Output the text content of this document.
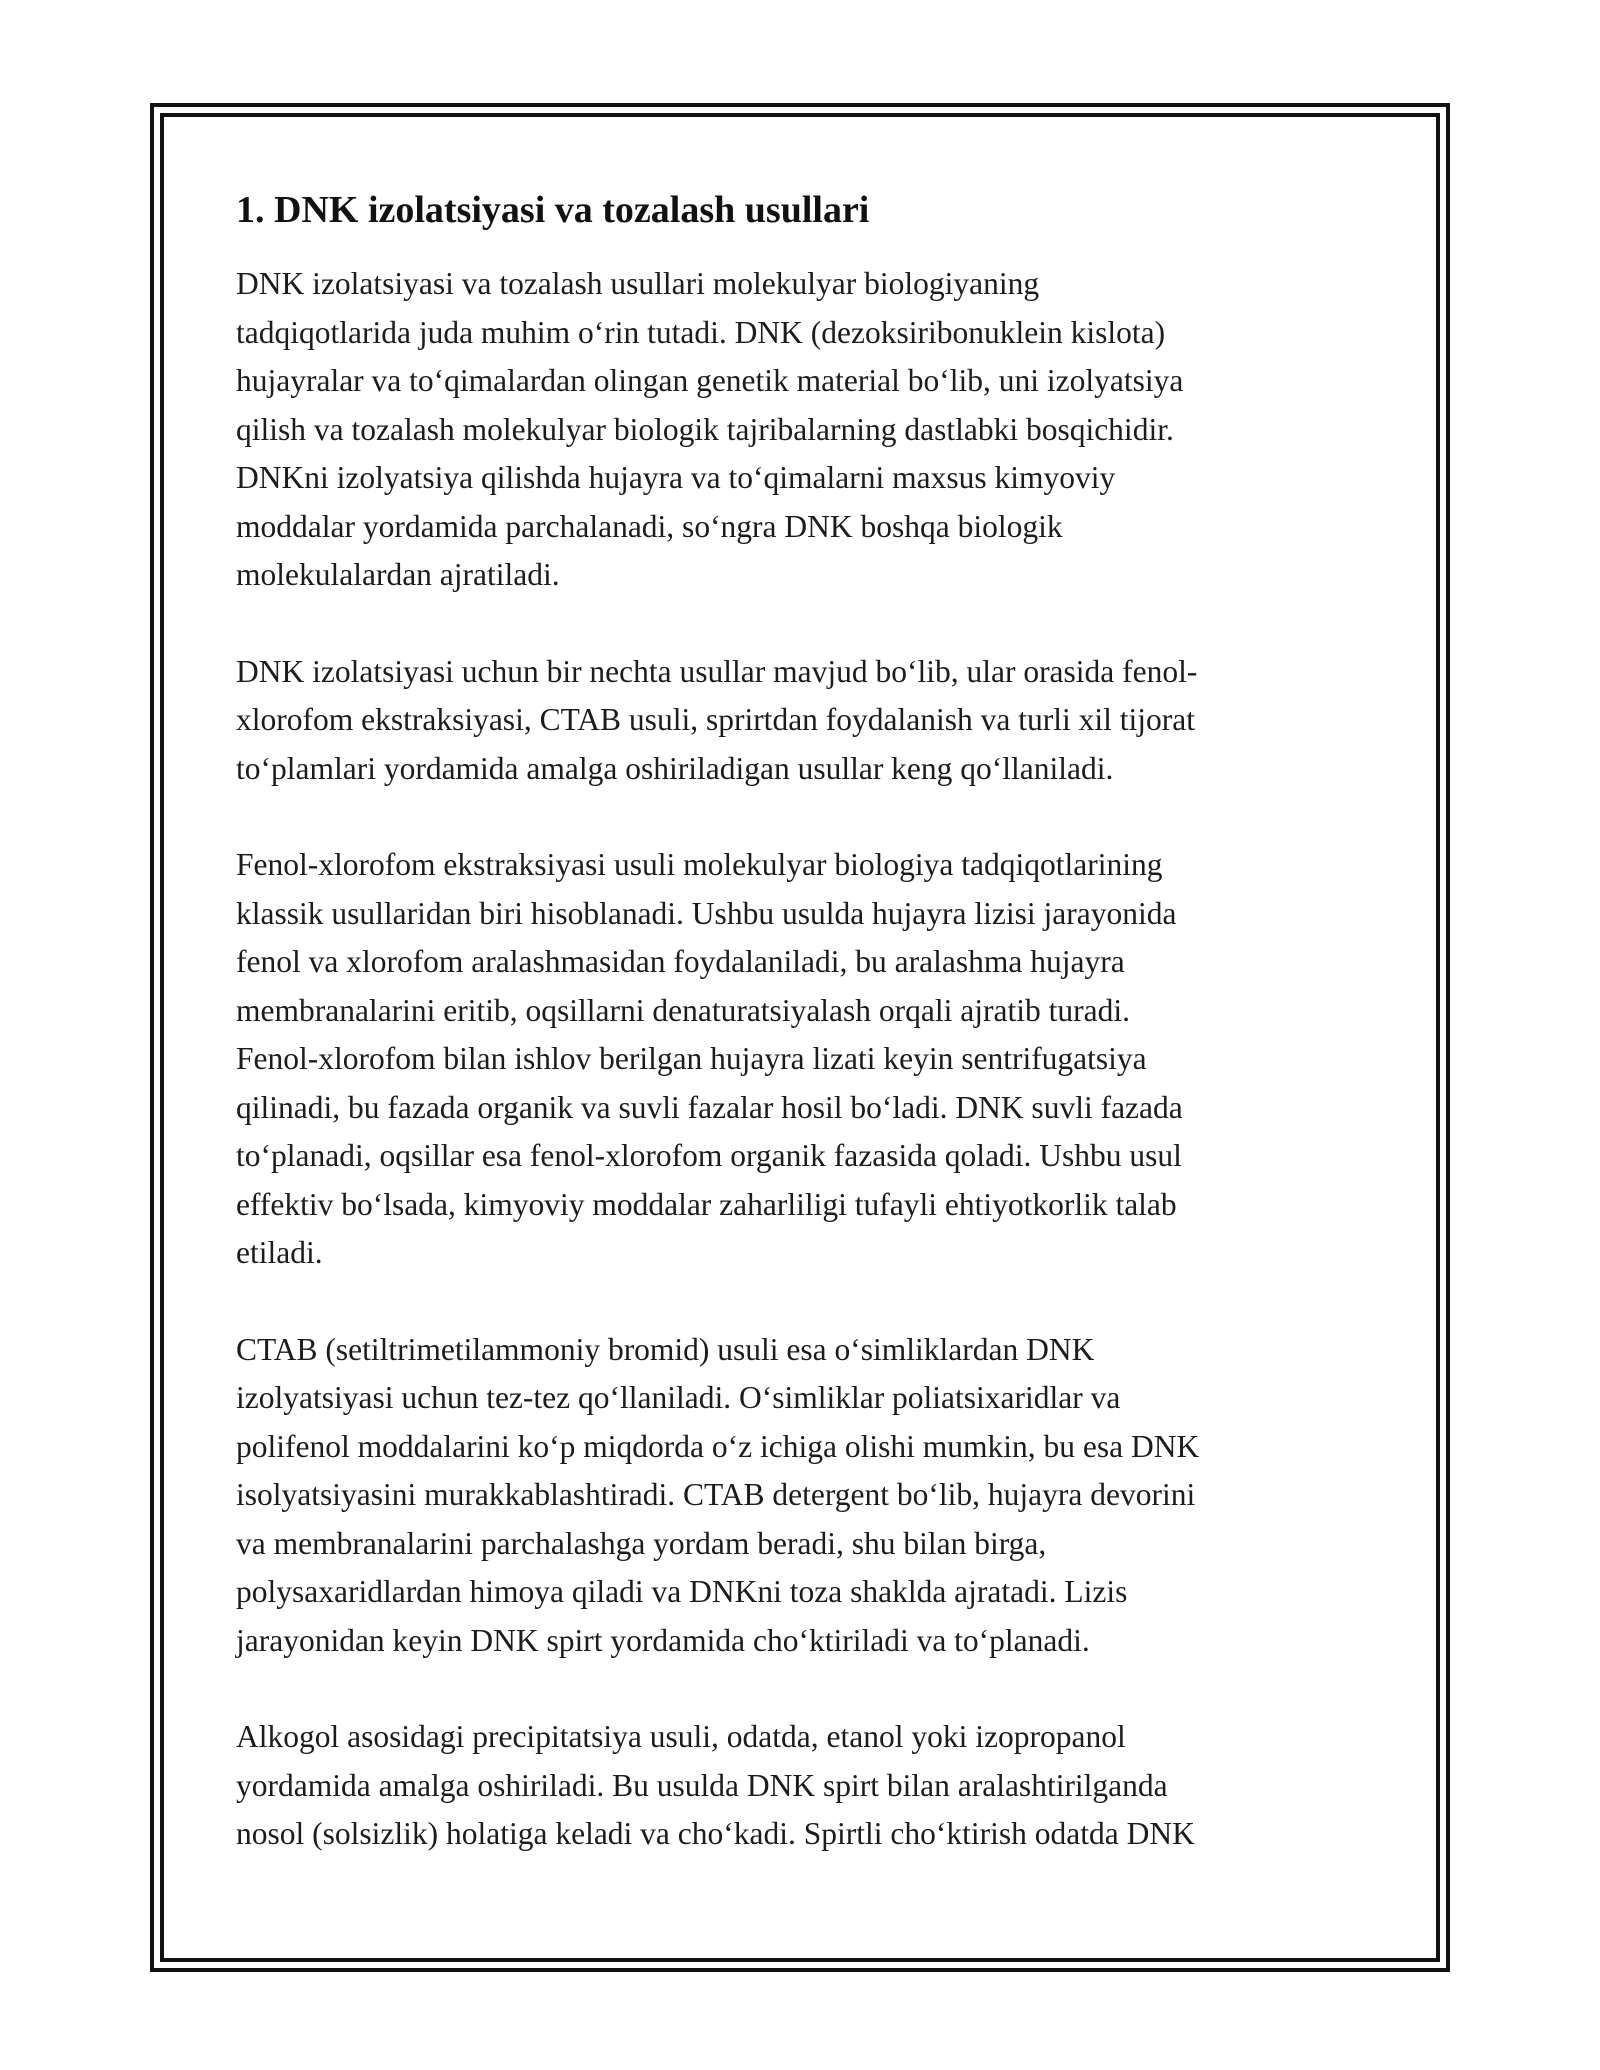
1. DNK izolatsiyasi va tozalash usullari

DNK izolatsiyasi va tozalash usullari molekulyar biologiyaning
tadqiqotlarida juda muhim o‘rin tutadi. DNK (dezoksiribonuklein kislota)
hujayralar va to‘qimalardan olingan genetik material bo‘lib, uni izolyatsiya
qilish va tozalash molekulyar biologik tajribalarning dastlabki bosqichidir.
DNKni izolyatsiya qilishda hujayra va to‘qimalarni maxsus kimyoviy
moddalar yordamida parchalanadi, so‘ngra DNK boshqa biologik
molekulalardan ajratiladi.

DNK izolatsiyasi uchun bir nechta usullar mavjud bo‘lib, ular orasida fenol-
xlorofom ekstraksiyasi, CTAB usuli, sprirtdan foydalanish va turli xil tijorat
to‘plamlari yordamida amalga oshiriladigan usullar keng qo‘llaniladi.

Fenol-xlorofom ekstraksiyasi usuli molekulyar biologiya tadqiqotlarining
klassik usullaridan biri hisoblanadi. Ushbu usulda hujayra lizisi jarayonida
fenol va xlorofom aralashmasidan foydalaniladi, bu aralashma hujayra
membranalarini eritib, oqsillarni denaturatsiyalash orqali ajratib turadi.
Fenol-xlorofom bilan ishlov berilgan hujayra lizati keyin sentrifugatsiya
qilinadi, bu fazada organik va suvli fazalar hosil bo‘ladi. DNK suvli fazada
to‘planadi, oqsillar esa fenol-xlorofom organik fazasida qoladi. Ushbu usul
effektiv bo‘lsada, kimyoviy moddalar zaharliligi tufayli ehtiyotkorlik talab
etiladi.

CTAB (setiltrimetilammoniy bromid) usuli esa o‘simliklardan DNK
izolyatsiyasi uchun tez-tez qo‘llaniladi. O‘simliklar poliatsixaridlar va
polifenol moddalarini ko‘p miqdorda o‘z ichiga olishi mumkin, bu esa DNK
isolyatsiyasini murakkablashtiradi. CTAB detergent bo‘lib, hujayra devorini
va membranalarini parchalashga yordam beradi, shu bilan birga,
polysaxaridlardan himoya qiladi va DNKni toza shaklda ajratadi. Lizis
jarayonidan keyin DNK spirt yordamida cho‘ktiriladi va to‘planadi.

Alkogol asosidagi precipitatsiya usuli, odatda, etanol yoki izopropanol
yordamida amalga oshiriladi. Bu usulda DNK spirt bilan aralashtirilganda
nosol (solsizlik) holatiga keladi va cho‘kadi. Spirtli cho‘ktirish odatda DNK
